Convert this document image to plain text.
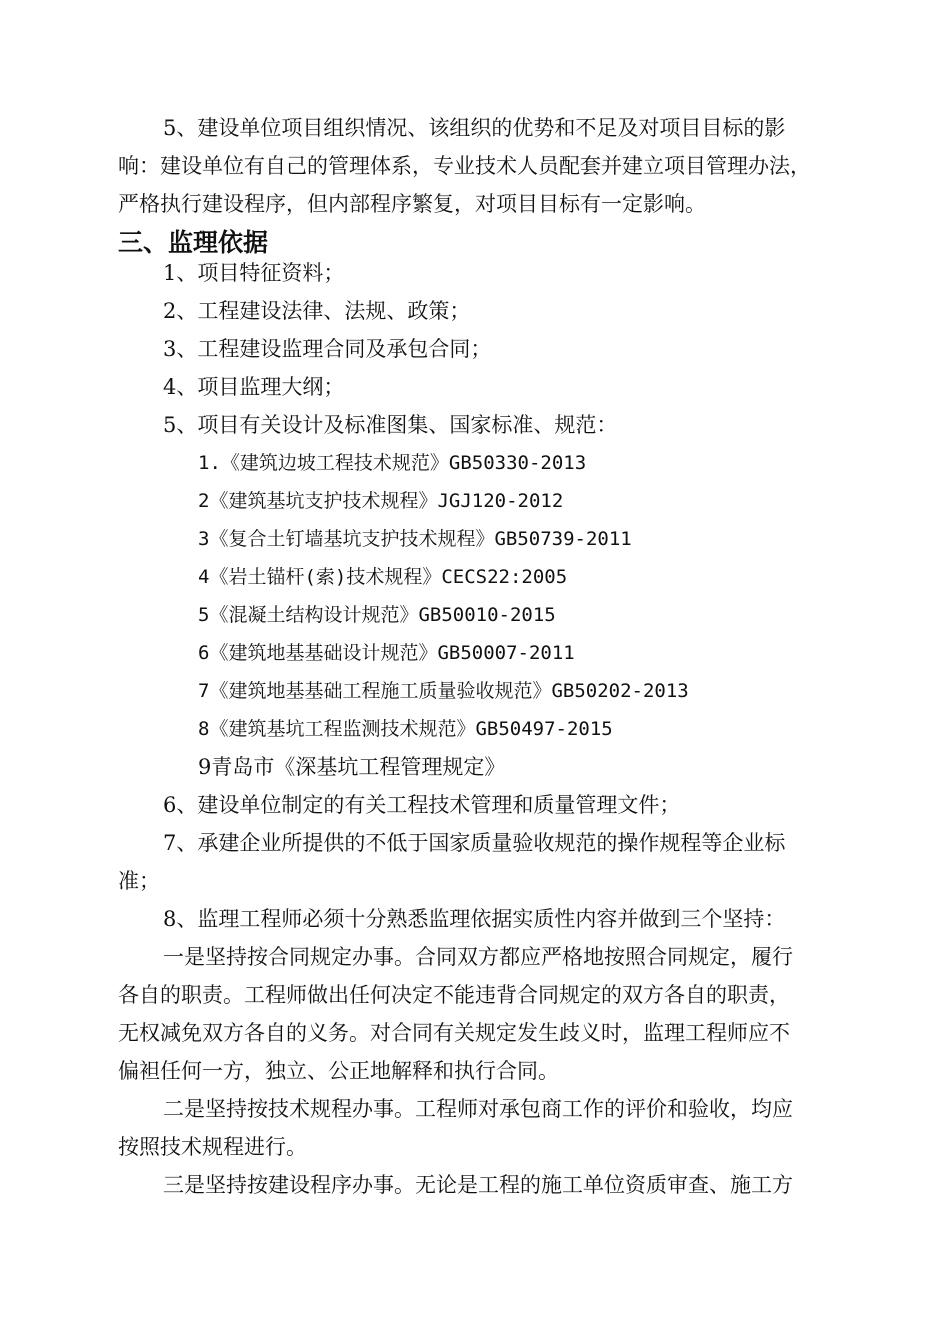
5、建设单位项目组织情况、该组织的优势和不足及对项目目标的影
响：建设单位有自己的管理体系，专业技术人员配套并建立项目管理办法，
严格执行建设程序，但内部程序繁复，对项目目标有一定影响。
三、监理依据
1、项目特征资料；
2、工程建设法律、法规、政策；
3、工程建设监理合同及承包合同；
4、项目监理大纲；
5、项目有关设计及标准图集、国家标准、规范：
1.《建筑边坡工程技术规范》GB50330-2013
2《建筑基坑支护技术规程》JGJ120-2012
3《复合土钉墙基坑支护技术规程》GB50739-2011
4《岩土锚杆(索)技术规程》CECS22:2005
5《混凝土结构设计规范》GB50010-2015
6《建筑地基基础设计规范》GB50007-2011
7《建筑地基基础工程施工质量验收规范》GB50202-2013
8《建筑基坑工程监测技术规范》GB50497-2015
9青岛市《深基坑工程管理规定》
6、建设单位制定的有关工程技术管理和质量管理文件；
7、承建企业所提供的不低于国家质量验收规范的操作规程等企业标
准；
8、监理工程师必须十分熟悉监理依据实质性内容并做到三个坚持：
一是坚持按合同规定办事。合同双方都应严格地按照合同规定，履行
各自的职责。工程师做出任何决定不能违背合同规定的双方各自的职责，
无权减免双方各自的义务。对合同有关规定发生歧义时，监理工程师应不
偏袒任何一方，独立、公正地解释和执行合同。
二是坚持按技术规程办事。工程师对承包商工作的评价和验收，均应
按照技术规程进行。
三是坚持按建设程序办事。无论是工程的施工单位资质审查、施工方
